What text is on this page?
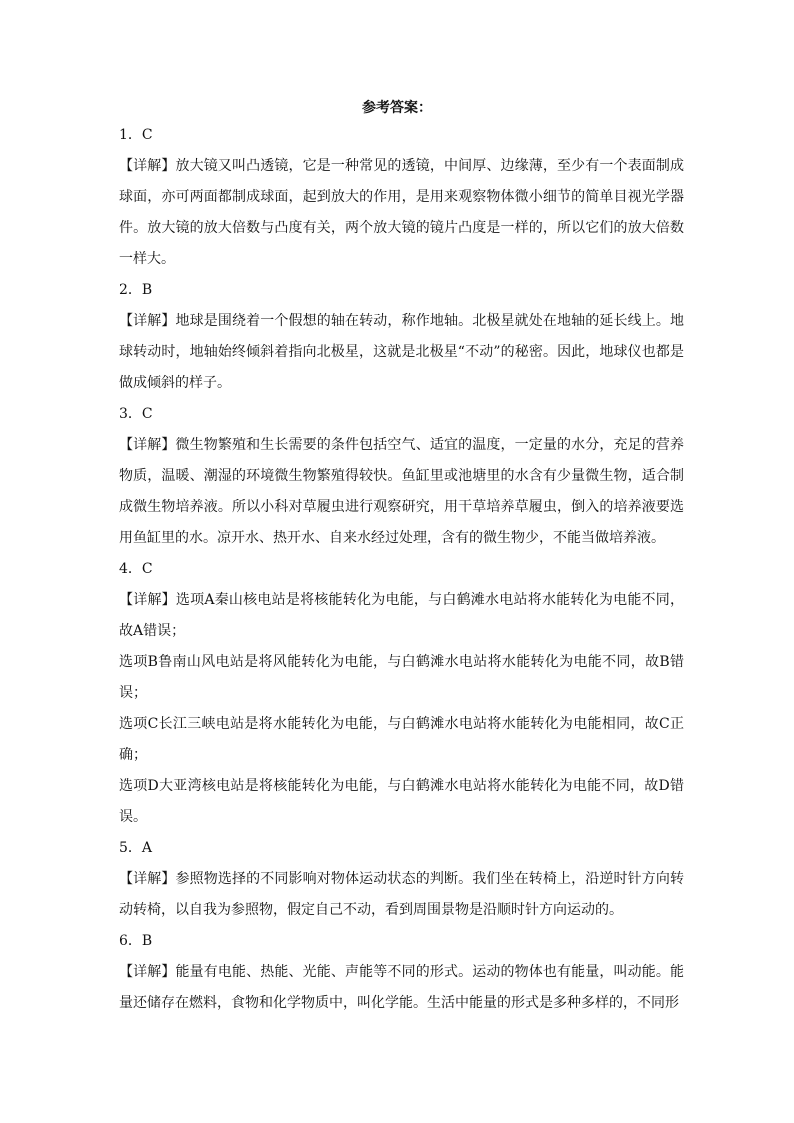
参考答案：

1．C

【详解】放大镜又叫凸透镜，它是一种常见的透镜，中间厚、边缘薄，至少有一个表面制成球面，亦可两面都制成球面，起到放大的作用，是用来观察物体微小细节的简单目视光学器件。放大镜的放大倍数与凸度有关，两个放大镜的镜片凸度是一样的，所以它们的放大倍数一样大。

2．B

【详解】地球是围绕着一个假想的轴在转动，称作地轴。北极星就处在地轴的延长线上。地球转动时，地轴始终倾斜着指向北极星，这就是北极星“不动”的秘密。因此，地球仪也都是做成倾斜的样子。

3．C

【详解】微生物繁殖和生长需要的条件包括空气、适宜的温度，一定量的水分，充足的营养物质，温暖、潮湿的环境微生物繁殖得较快。鱼缸里或池塘里的水含有少量微生物，适合制成微生物培养液。所以小科对草履虫进行观察研究，用干草培养草履虫，倒入的培养液要选用鱼缸里的水。凉开水、热开水、自来水经过处理，含有的微生物少，不能当做培养液。

4．C

【详解】选项A秦山核电站是将核能转化为电能，与白鹤滩水电站将水能转化为电能不同，故A错误；

选项B鲁南山风电站是将风能转化为电能，与白鹤滩水电站将水能转化为电能不同，故B错误；

选项C长江三峡电站是将水能转化为电能，与白鹤滩水电站将水能转化为电能相同，故C正确；

选项D大亚湾核电站是将核能转化为电能，与白鹤滩水电站将水能转化为电能不同，故D错误。

5．A

【详解】参照物选择的不同影响对物体运动状态的判断。我们坐在转椅上，沿逆时针方向转动转椅，以自我为参照物，假定自己不动，看到周围景物是沿顺时针方向运动的。

6．B

【详解】能量有电能、热能、光能、声能等不同的形式。运动的物体也有能量，叫动能。能量还储存在燃料，食物和化学物质中，叫化学能。生活中能量的形式是多种多样的，不同形
